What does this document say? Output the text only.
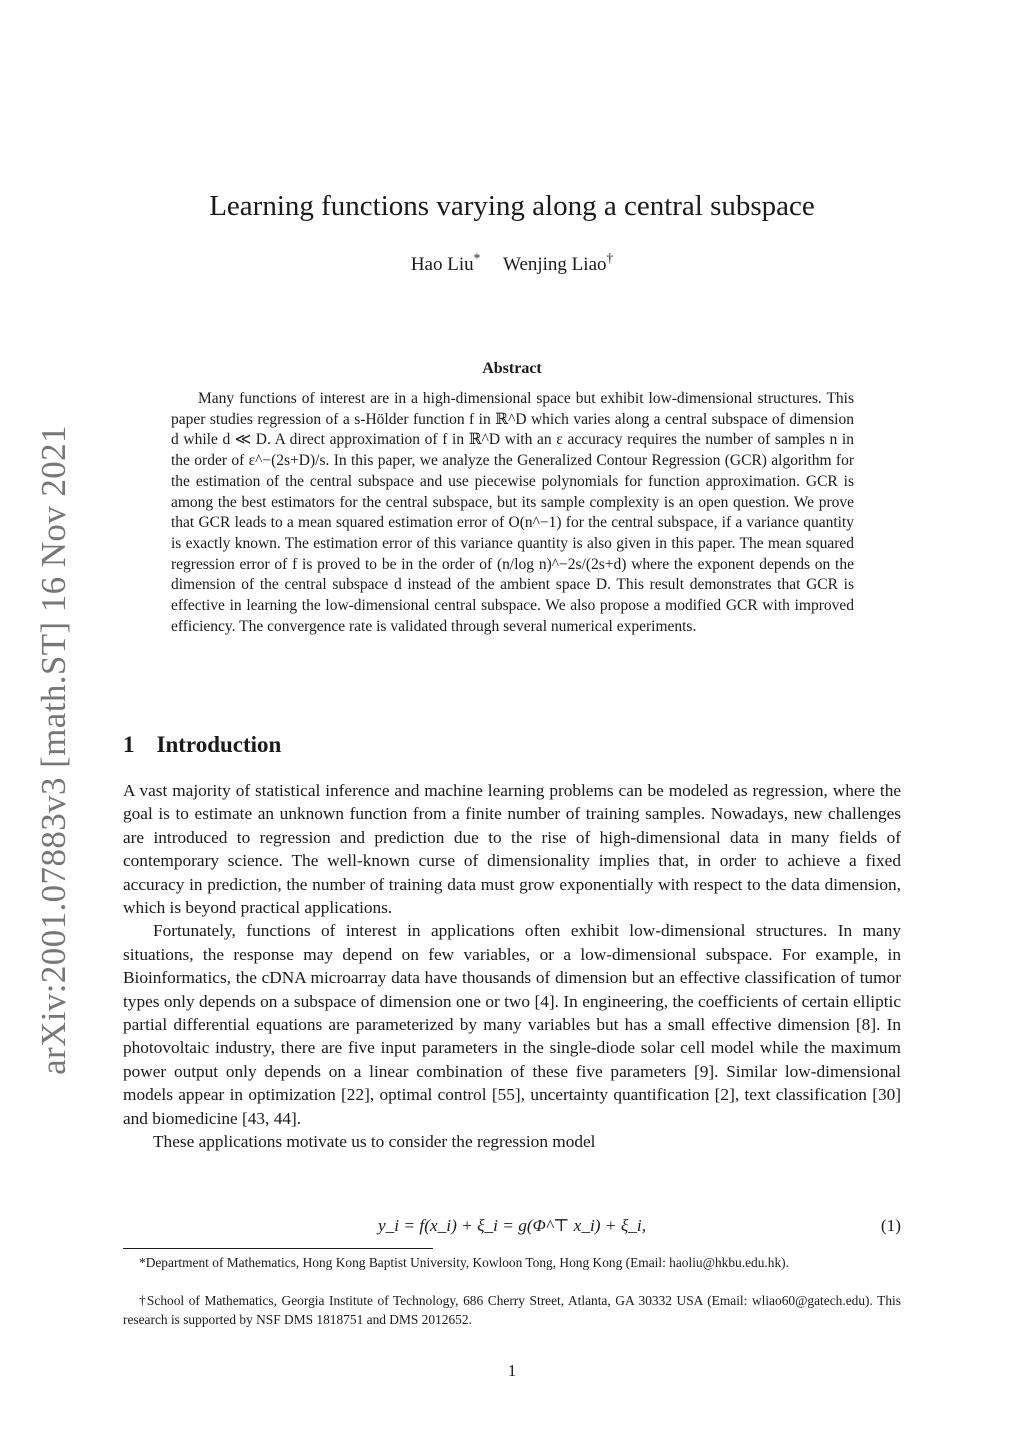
arXiv:2001.07883v3 [math.ST] 16 Nov 2021
Learning functions varying along a central subspace
Hao Liu* Wenjing Liao†
Abstract
Many functions of interest are in a high-dimensional space but exhibit low-dimensional structures. This paper studies regression of a s-Hölder function f in ℝ^D which varies along a central subspace of dimension d while d ≪ D. A direct approximation of f in ℝ^D with an ε accuracy requires the number of samples n in the order of ε^−(2s+D)/s. In this paper, we analyze the Generalized Contour Regression (GCR) algorithm for the estimation of the central subspace and use piecewise polynomials for function approximation. GCR is among the best estimators for the central subspace, but its sample complexity is an open question. We prove that GCR leads to a mean squared estimation error of O(n^−1) for the central subspace, if a variance quantity is exactly known. The estimation error of this variance quantity is also given in this paper. The mean squared regression error of f is proved to be in the order of (n/log n)^−2s/(2s+d) where the exponent depends on the dimension of the central subspace d instead of the ambient space D. This result demonstrates that GCR is effective in learning the low-dimensional central subspace. We also propose a modified GCR with improved efficiency. The convergence rate is validated through several numerical experiments.
1 Introduction

A vast majority of statistical inference and machine learning problems can be modeled as regression, where the goal is to estimate an unknown function from a finite number of training samples. Nowadays, new challenges are introduced to regression and prediction due to the rise of high-dimensional data in many fields of contemporary science. The well-known curse of dimensionality implies that, in order to achieve a fixed accuracy in prediction, the number of training data must grow exponentially with respect to the data dimension, which is beyond practical applications.

Fortunately, functions of interest in applications often exhibit low-dimensional structures. In many situations, the response may depend on few variables, or a low-dimensional subspace. For example, in Bioinformatics, the cDNA microarray data have thousands of dimension but an effective classification of tumor types only depends on a subspace of dimension one or two [4]. In engineering, the coefficients of certain elliptic partial differential equations are parameterized by many variables but has a small effective dimension [8]. In photovoltaic industry, there are five input parameters in the single-diode solar cell model while the maximum power output only depends on a linear combination of these five parameters [9]. Similar low-dimensional models appear in optimization [22], optimal control [55], uncertainty quantification [2], text classification [30] and biomedicine [43, 44].

These applications motivate us to consider the regression model

y_i = f(x_i) + ξ_i = g(Φ^⊤ x_i) + ξ_i,	(1)
*Department of Mathematics, Hong Kong Baptist University, Kowloon Tong, Hong Kong (Email: haoliu@hkbu.edu.hk).
†School of Mathematics, Georgia Institute of Technology, 686 Cherry Street, Atlanta, GA 30332 USA (Email: wliao60@gatech.edu). This research is supported by NSF DMS 1818751 and DMS 2012652.
1
